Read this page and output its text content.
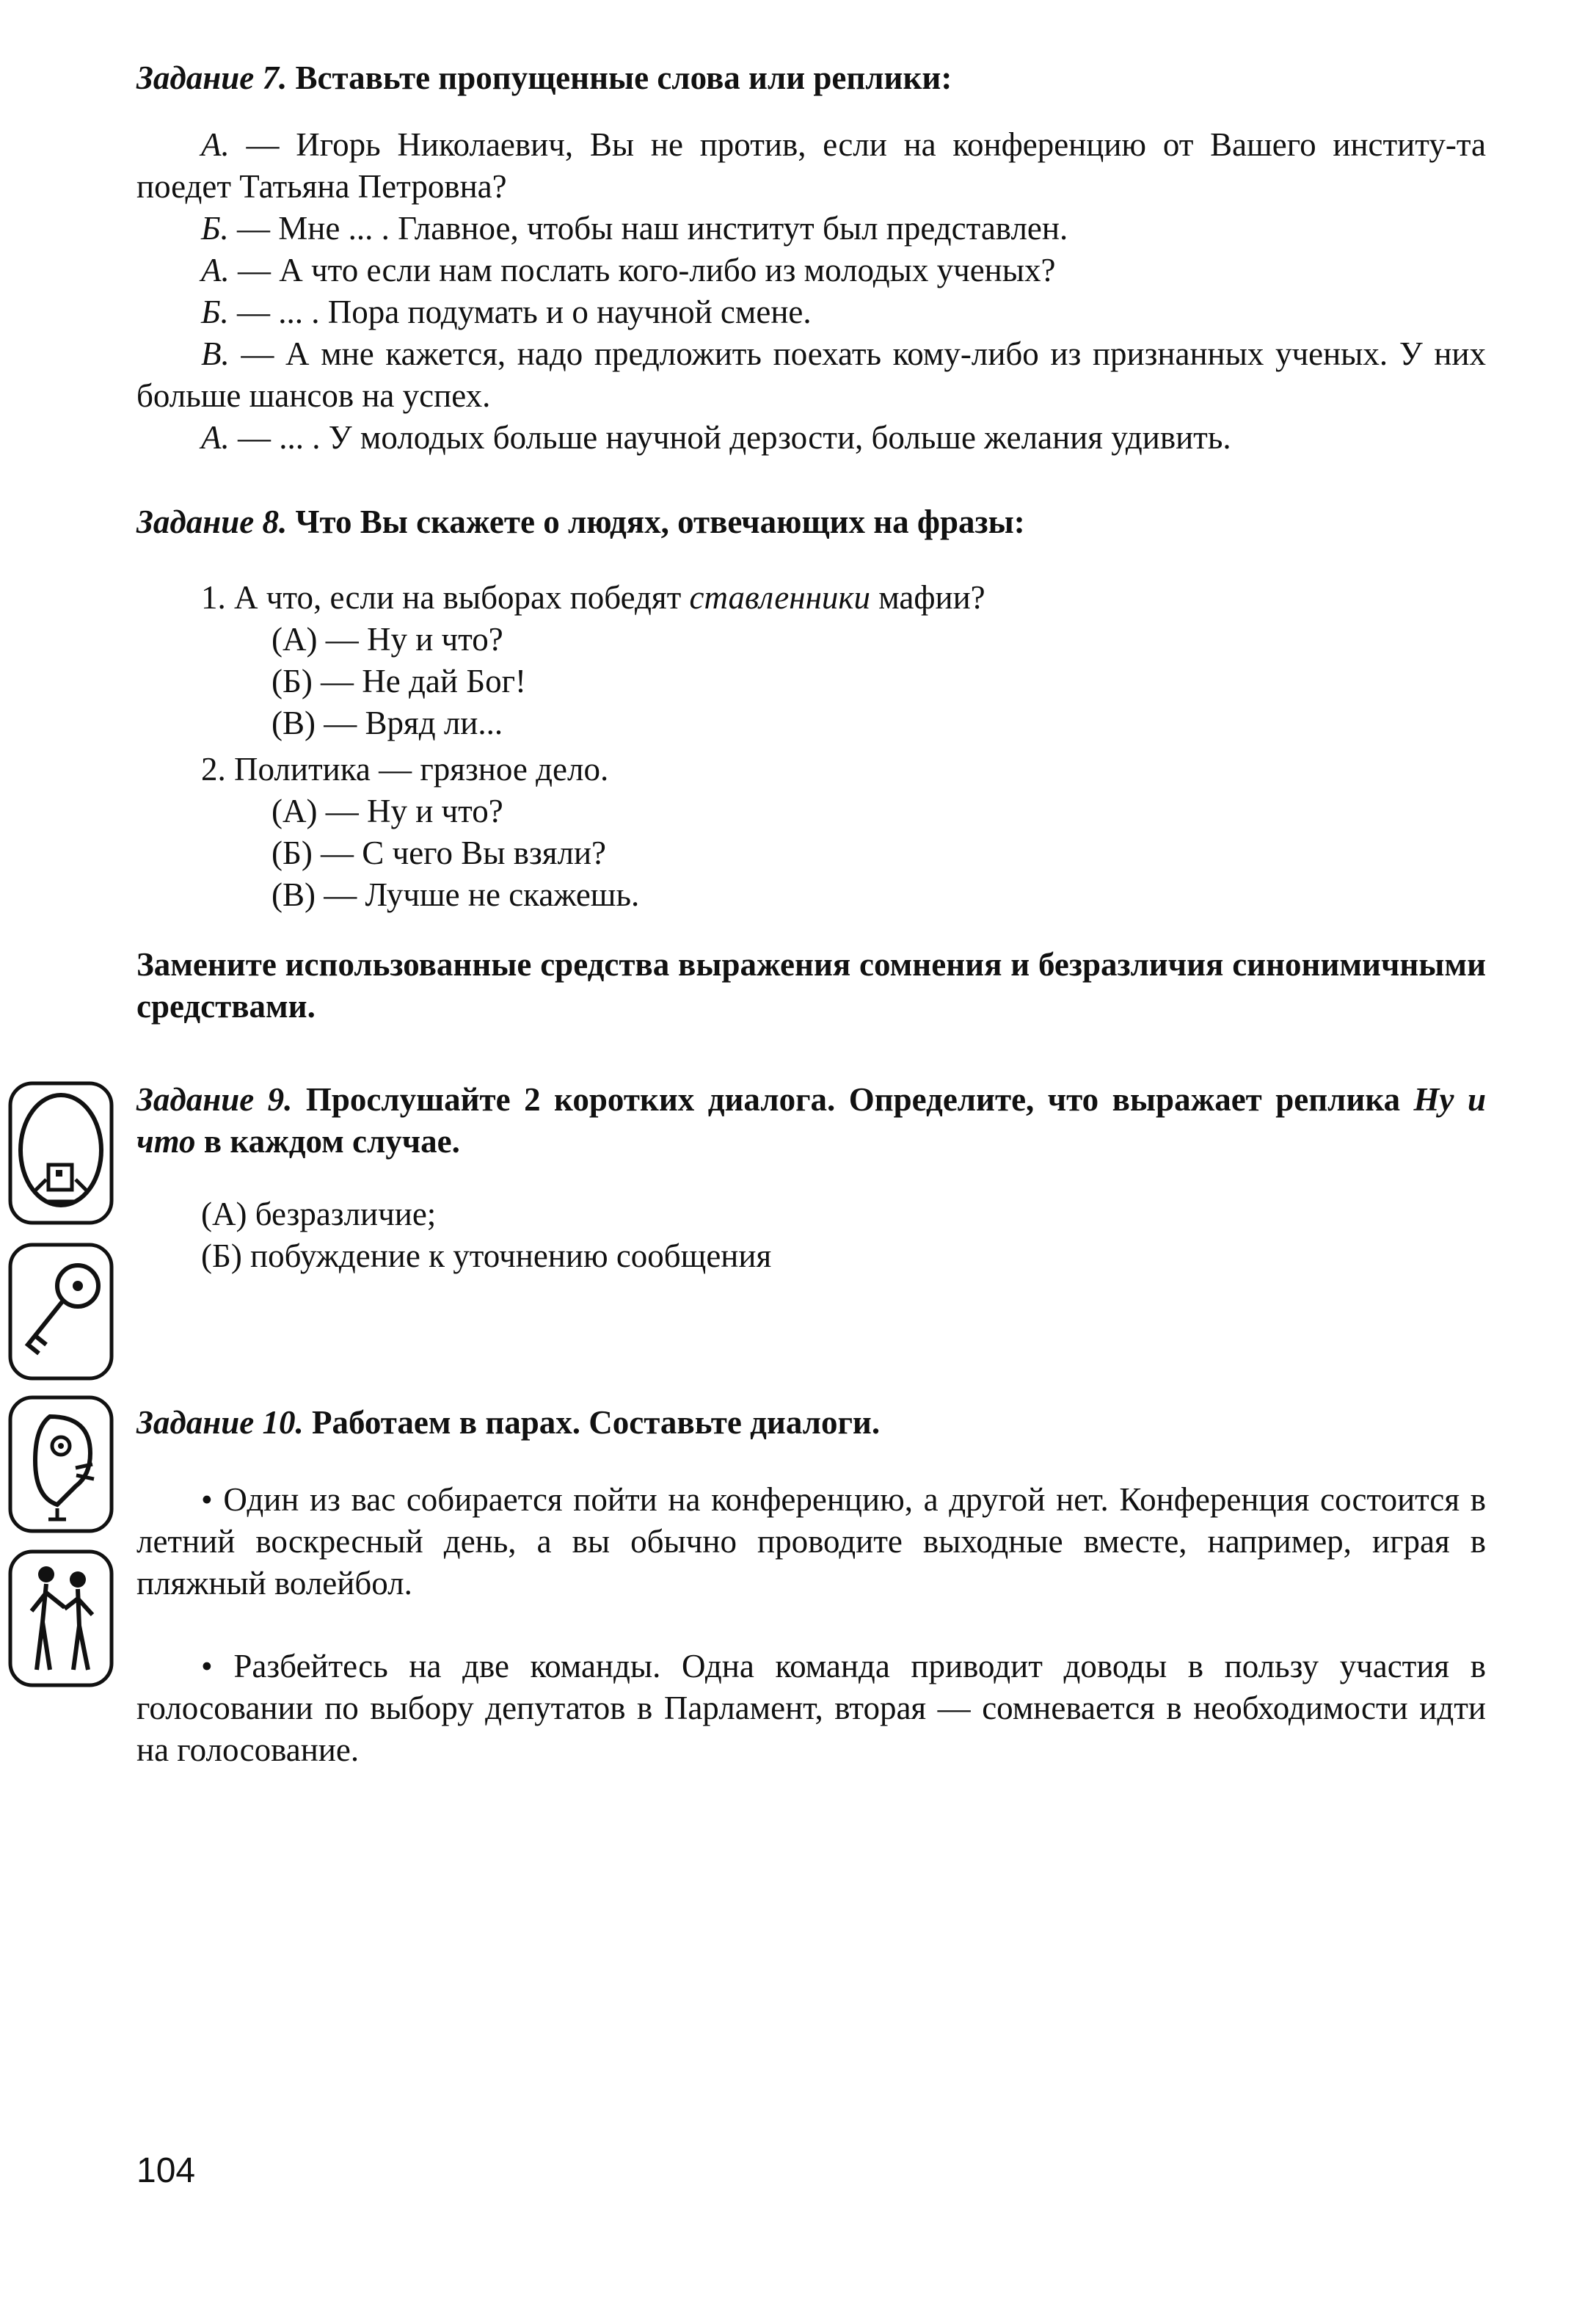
Задание 7. Вставьте пропущенные слова или реплики:
А. — Игорь Николаевич, Вы не против, если на конференцию от Вашего институ-та поедет Татьяна Петровна?
Б. — Мне ... . Главное, чтобы наш институт был представлен.
А. — А что если нам послать кого-либо из молодых ученых?
Б. — ... . Пора подумать и о научной смене.
В. — А мне кажется, надо предложить поехать кому-либо из признанных ученых. У них больше шансов на успех.
А. — ... . У молодых больше научной дерзости, больше желания удивить.
Задание 8. Что Вы скажете о людях, отвечающих на фразы:
1. А что, если на выборах победят ставленники мафии?
(А) — Ну и что?
(Б) — Не дай Бог!
(В) — Вряд ли...
2. Политика — грязное дело.
(А) — Ну и что?
(Б) — С чего Вы взяли?
(В) — Лучше не скажешь.
Замените использованные средства выражения сомнения и безразличия синонимичными средствами.
Задание 9. Прослушайте 2 коротких диалога. Определите, что выражает реплика Ну и что в каждом случае.
(А) безразличие;
(Б) побуждение к уточнению сообщения
Задание 10. Работаем в парах. Составьте диалоги.
• Один из вас собирается пойти на конференцию, а другой нет. Конференция состоится в летний воскресный день, а вы обычно проводите выходные вместе, например, играя в пляжный волейбол.
• Разбейтесь на две команды. Одна команда приводит доводы в пользу участия в голосовании по выбору депутатов в Парламент, вторая — сомневается в необходимости идти на голосование.
104
